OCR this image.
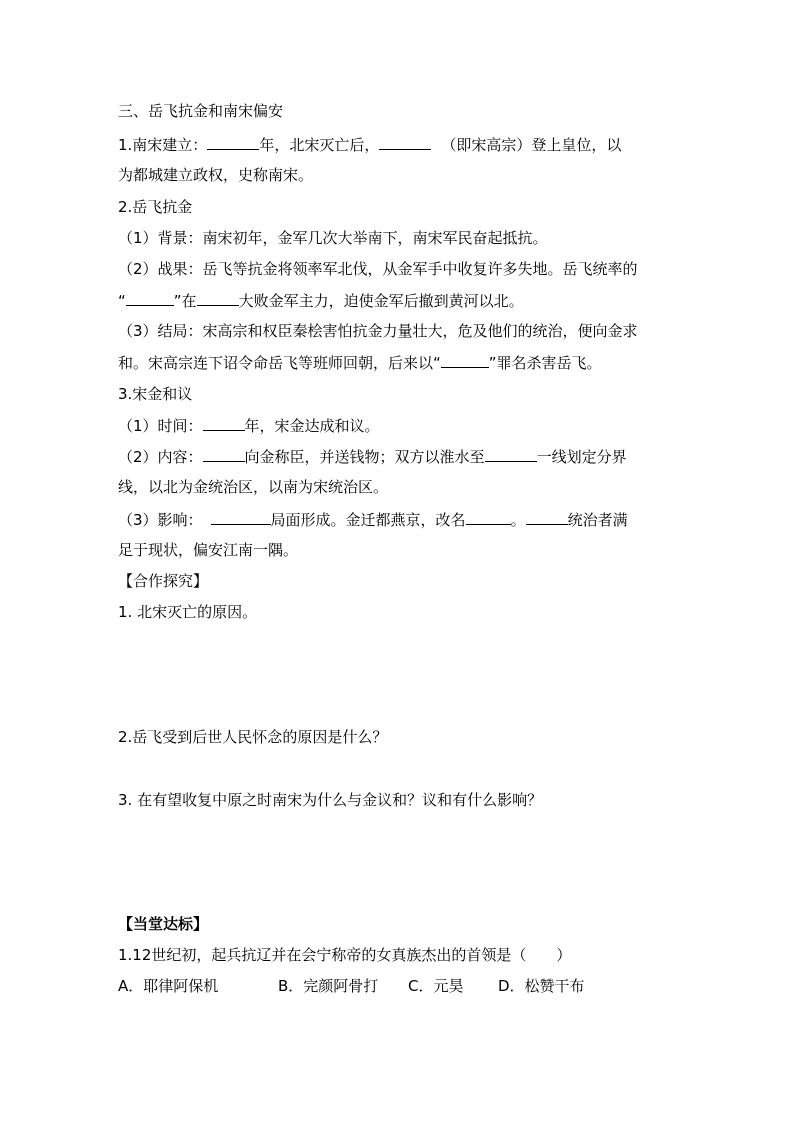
三、岳飞抗金和南宋偏安
1.南宋建立：	年，北宋灭亡后，	（即宋高宗）登上皇位，以
为都城建立政权，史称南宋。
2.岳飞抗金
（1）背景：南宋初年，金军几次大举南下，南宋军民奋起抵抗。
（2）战果：岳飞等抗金将领率军北伐，从金军手中收复许多失地。岳飞统率的
“	”在	大败金军主力，迫使金军后撤到黄河以北。
（3）结局：宋高宗和权臣秦桧害怕抗金力量壮大，危及他们的统治，便向金求
和。宋高宗连下诏令命岳飞等班师回朝，后来以“	”罪名杀害岳飞。
3.宋金和议
（1）时间：	年，宋金达成和议。
（2）内容：	向金称臣，并送钱物；双方以淮水至	一线划定分界
线，以北为金统治区，以南为宋统治区。
（3）影响：	局面形成。金迁都燕京，改名	。	统治者满
足于现状，偏安江南一隅。
【合作探究】
1. 北宋灭亡的原因。
2.岳飞受到后世人民怀念的原因是什么？
3. 在有望收复中原之时南宋为什么与金议和？议和有什么影响？
【当堂达标】
1.12世纪初，起兵抗辽并在会宁称帝的女真族杰出的首领是（　　）
A．耶律阿保机	B．完颜阿骨打 C．元昊 D．松赞干布
